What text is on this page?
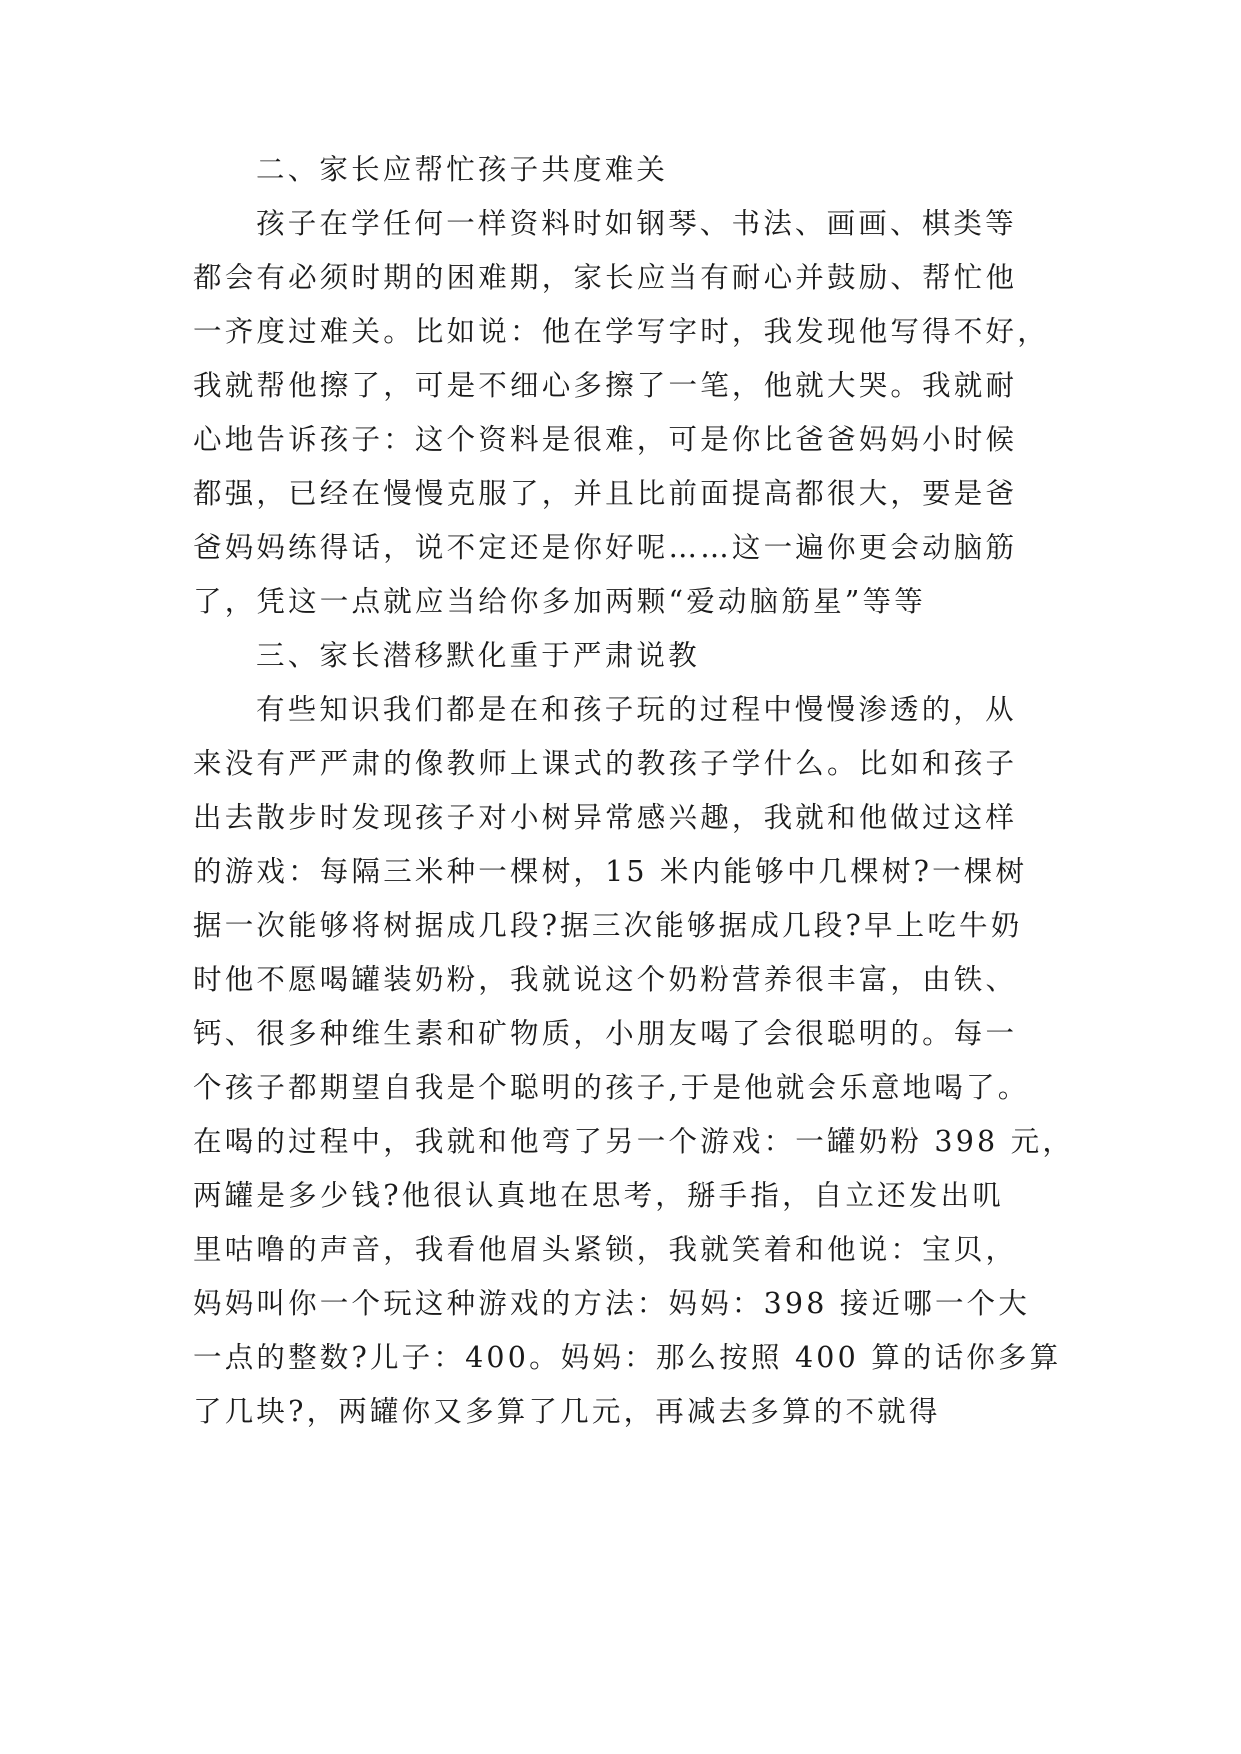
二、家长应帮忙孩子共度难关
孩子在学任何一样资料时如钢琴、书法、画画、棋类等
都会有必须时期的困难期，家长应当有耐心并鼓励、帮忙他
一齐度过难关。比如说：他在学写字时，我发现他写得不好，
我就帮他擦了，可是不细心多擦了一笔，他就大哭。我就耐
心地告诉孩子：这个资料是很难，可是你比爸爸妈妈小时候
都强，已经在慢慢克服了，并且比前面提高都很大，要是爸
爸妈妈练得话，说不定还是你好呢……这一遍你更会动脑筋
了，凭这一点就应当给你多加两颗“爱动脑筋星”等等
三、家长潜移默化重于严肃说教
有些知识我们都是在和孩子玩的过程中慢慢渗透的，从
来没有严严肃的像教师上课式的教孩子学什么。比如和孩子
出去散步时发现孩子对小树异常感兴趣，我就和他做过这样
的游戏：每隔三米种一棵树，15 米内能够中几棵树?一棵树
据一次能够将树据成几段?据三次能够据成几段?早上吃牛奶
时他不愿喝罐装奶粉，我就说这个奶粉营养很丰富，由铁、
钙、很多种维生素和矿物质，小朋友喝了会很聪明的。每一
个孩子都期望自我是个聪明的孩子,于是他就会乐意地喝了。
在喝的过程中，我就和他弯了另一个游戏：一罐奶粉 398 元，
两罐是多少钱?他很认真地在思考，掰手指，自立还发出叽
里咕噜的声音，我看他眉头紧锁，我就笑着和他说：宝贝，
妈妈叫你一个玩这种游戏的方法：妈妈：398 接近哪一个大
一点的整数?儿子：400。妈妈：那么按照 400 算的话你多算
了几块?，两罐你又多算了几元，再减去多算的不就得
